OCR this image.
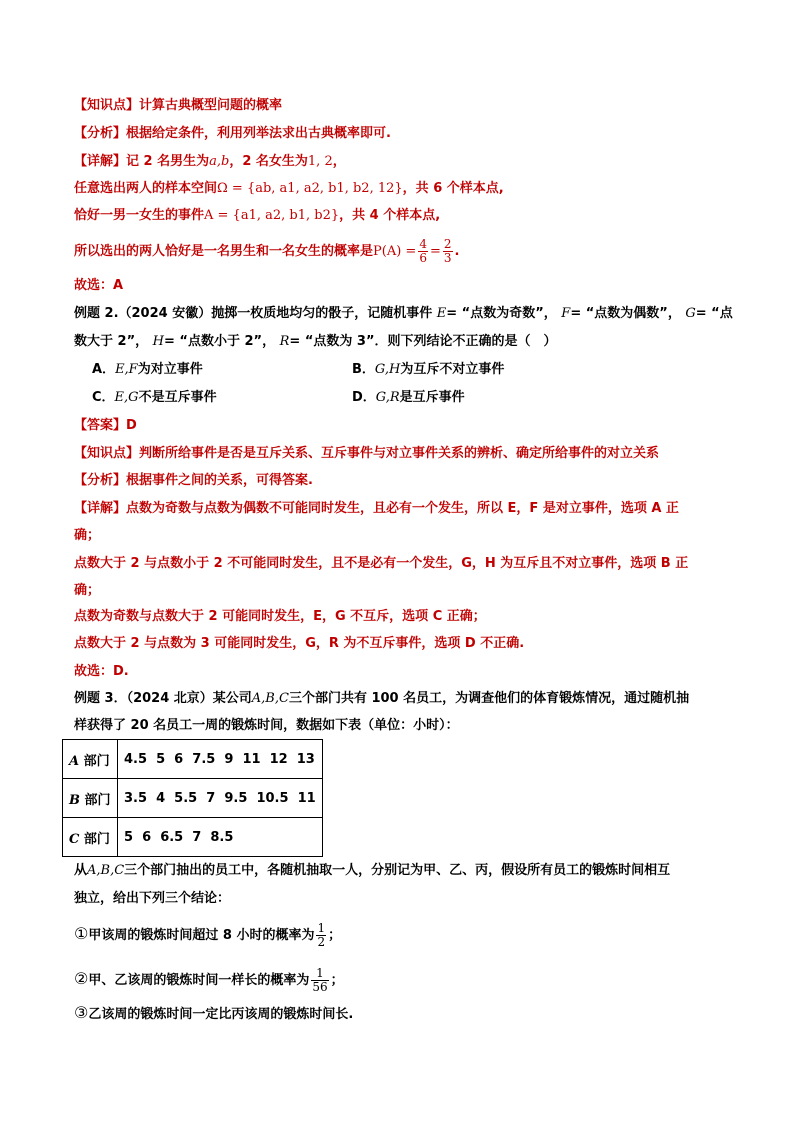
【知识点】计算古典概型问题的概率
【分析】根据给定条件，利用列举法求出古典概率即可.
【详解】记 2 名男生为a,b，2 名女生为1, 2，
任意选出两人的样本空间Ω = {ab, a1, a2, b1, b2, 12}，共 6 个样本点,
恰好一男一女生的事件A = {a1, a2, b1, b2}，共 4 个样本点,
所以选出的两人恰好是一名男生和一名女生的概率是$P(A) = \frac{4}{6} = \frac{2}{3}$ .
故选：A
例题 2.（2024 安徽）抛掷一枚质地均匀的骰子，记随机事件 E= “点数为奇数”， F= “点数为偶数”， G= “点
数大于 2”， H= “点数小于 2”， R= “点数为 3”．则下列结论不正确的是（　）
A．E,F为对立事件	B．G,H为互斥不对立事件
C．E,G不是互斥事件	D．G,R是互斥事件
【答案】D
【知识点】判断所给事件是否是互斥关系、互斥事件与对立事件关系的辨析、确定所给事件的对立关系
【分析】根据事件之间的关系，可得答案.
【详解】点数为奇数与点数为偶数不可能同时发生，且必有一个发生，所以 E，F 是对立事件，选项 A 正
确；
点数大于 2 与点数小于 2 不可能同时发生，且不是必有一个发生，G，H 为互斥且不对立事件，选项 B 正
确；
点数为奇数与点数大于 2 可能同时发生，E，G 不互斥，选项 C 正确；
点数大于 2 与点数为 3 可能同时发生，G，R 为不互斥事件，选项 D 不正确.
故选：D.
例题 3．（2024 北京）某公司A,B,C三个部门共有 100 名员工，为调查他们的体育锻炼情况，通过随机抽
样获得了 20 名员工一周的锻炼时间，数据如下表（单位：小时）：
A 部门	4.5  5  6  7.5  9  11  12  13
B 部门	3.5  4  5.5  7  9.5  10.5  11
C 部门	5  6  6.5  7  8.5
从A,B,C三个部门抽出的员工中，各随机抽取一人，分别记为甲、乙、丙，假设所有员工的锻炼时间相互
独立，给出下列三个结论：
①甲该周的锻炼时间超过 8 小时的概率为 $\frac{1}{2}$ ；
②甲、乙该周的锻炼时间一样长的概率为 $\frac{1}{56}$ ；
③乙该周的锻炼时间一定比丙该周的锻炼时间长.
